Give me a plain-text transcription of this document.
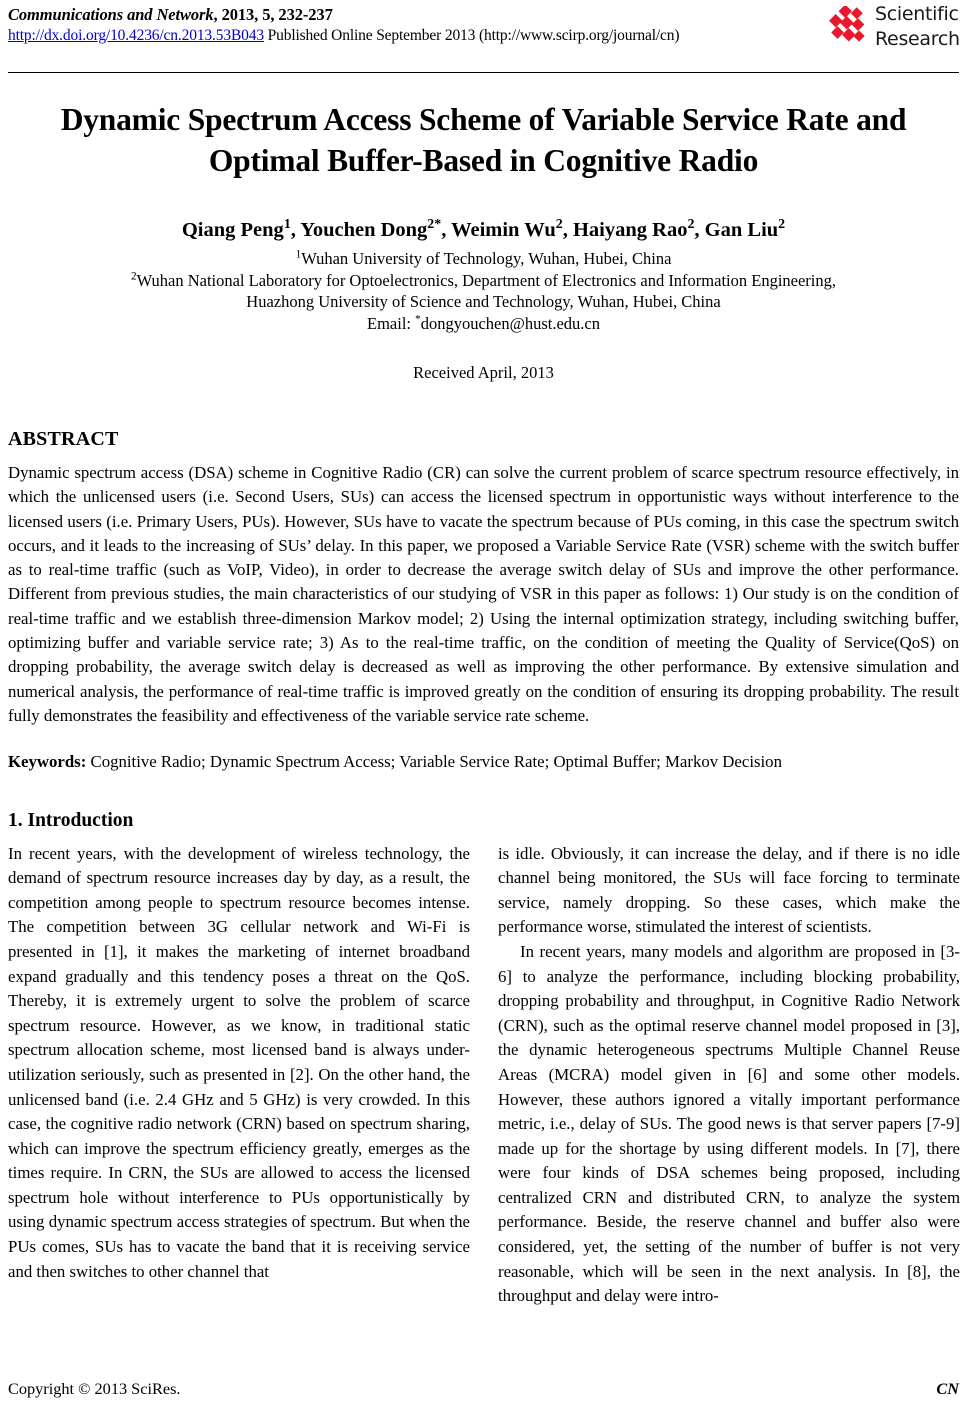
Communications and Network, 2013, 5, 232-237
http://dx.doi.org/10.4236/cn.2013.53B043 Published Online September 2013 (http://www.scirp.org/journal/cn)
Scientific
Research
Dynamic Spectrum Access Scheme of Variable Service Rate and Optimal Buffer-Based in Cognitive Radio
Qiang Peng$^1$, Youchen Dong$^{2*}$, Weimin Wu$^2$, Haiyang Rao$^2$, Gan Liu$^2$
$^1$Wuhan University of Technology, Wuhan, Hubei, China
$^2$Wuhan National Laboratory for Optoelectronics, Department of Electronics and Information Engineering,
Huazhong University of Science and Technology, Wuhan, Hubei, China
Email: *dongyouchen@hust.edu.cn
Received April, 2013
ABSTRACT
Dynamic spectrum access (DSA) scheme in Cognitive Radio (CR) can solve the current problem of scarce spectrum resource effectively, in which the unlicensed users (i.e. Second Users, SUs) can access the licensed spectrum in opportunistic ways without interference to the licensed users (i.e. Primary Users, PUs). However, SUs have to vacate the spectrum because of PUs coming, in this case the spectrum switch occurs, and it leads to the increasing of SUs’ delay. In this paper, we proposed a Variable Service Rate (VSR) scheme with the switch buffer as to real-time traffic (such as VoIP, Video), in order to decrease the average switch delay of SUs and improve the other performance. Different from previous studies, the main characteristics of our studying of VSR in this paper as follows: 1) Our study is on the condition of real-time traffic and we establish three-dimension Markov model; 2) Using the internal optimization strategy, including switching buffer, optimizing buffer and variable service rate; 3) As to the real-time traffic, on the condition of meeting the Quality of Service(QoS) on dropping probability, the average switch delay is decreased as well as improving the other performance. By extensive simulation and numerical analysis, the performance of real-time traffic is improved greatly on the condition of ensuring its dropping probability. The result fully demonstrates the feasibility and effectiveness of the variable service rate scheme.
Keywords: Cognitive Radio; Dynamic Spectrum Access; Variable Service Rate; Optimal Buffer; Markov Decision
1. Introduction

In recent years, with the development of wireless technology, the demand of spectrum resource increases day by day, as a result, the competition among people to spectrum resource becomes intense. The competition between 3G cellular network and Wi-Fi is presented in [1], it makes the marketing of internet broadband expand gradually and this tendency poses a threat on the QoS. Thereby, it is extremely urgent to solve the problem of scarce spectrum resource. However, as we know, in traditional static spectrum allocation scheme, most licensed band is always under-utilization seriously, such as presented in [2]. On the other hand, the unlicensed band (i.e. 2.4 GHz and 5 GHz) is very crowded. In this case, the cognitive radio network (CRN) based on spectrum sharing, which can improve the spectrum efficiency greatly, emerges as the times require. In CRN, the SUs are allowed to access the licensed spectrum hole without interference to PUs opportunistically by using dynamic spectrum access strategies of spectrum. But when the PUs comes, SUs has to vacate the band that it is receiving service and then switches to other channel that

is idle. Obviously, it can increase the delay, and if there is no idle channel being monitored, the SUs will face forcing to terminate service, namely dropping. So these cases, which make the performance worse, stimulated the interest of scientists.

In recent years, many models and algorithm are proposed in [3-6] to analyze the performance, including blocking probability, dropping probability and throughput, in Cognitive Radio Network (CRN), such as the optimal reserve channel model proposed in [3], the dynamic heterogeneous spectrums Multiple Channel Reuse Areas (MCRA) model given in [6] and some other models. However, these authors ignored a vitally important performance metric, i.e., delay of SUs. The good news is that server papers [7-9] made up for the shortage by using different models. In [7], there were four kinds of DSA schemes being proposed, including centralized CRN and distributed CRN, to analyze the system performance. Beside, the reserve channel and buffer also were considered, yet, the setting of the number of buffer is not very reasonable, which will be seen in the next analysis. In [8], the throughput and delay were intro-

Copyright © 2013 SciRes.	CN
